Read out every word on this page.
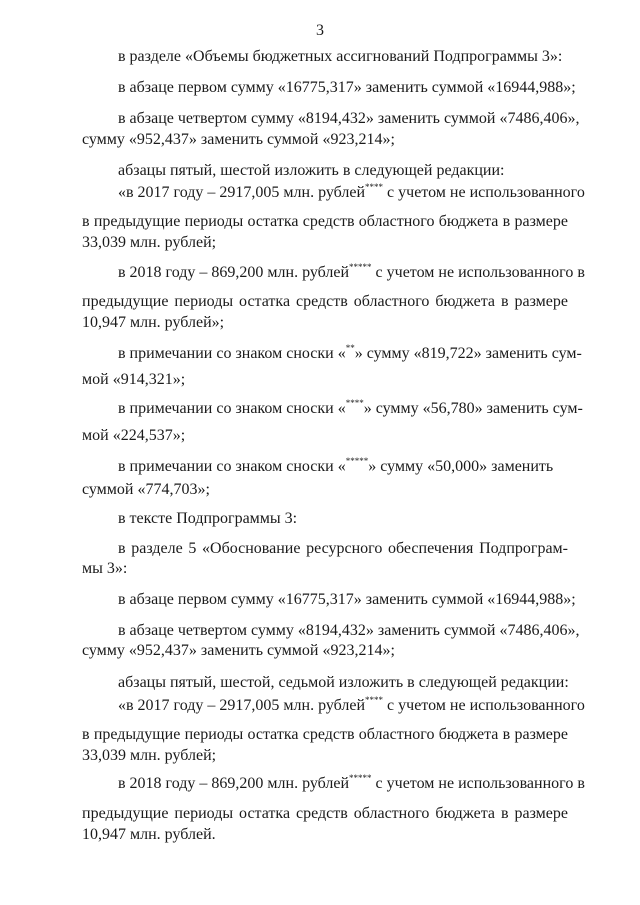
3
в разделе «Объемы бюджетных ассигнований Подпрограммы 3»:
в абзаце первом сумму «16775,317» заменить суммой «16944,988»;
в абзаце четвертом сумму «8194,432» заменить суммой «7486,406»,
сумму «952,437» заменить суммой «923,214»;
абзацы пятый, шестой изложить в следующей редакции:
«в 2017 году – 2917,005 млн. рублей**** с учетом не использованного
в предыдущие периоды остатка средств областного бюджета в размере
33,039 млн. рублей;
в 2018 году – 869,200 млн. рублей***** с учетом не использованного в
предыдущие периоды остатка средств областного бюджета в размере
10,947 млн. рублей»;
в примечании со знаком сноски «**» сумму «819,722» заменить сум-
мой «914,321»;
в примечании со знаком сноски «****» сумму «56,780» заменить сум-
мой «224,537»;
в примечании со знаком сноски «*****» сумму «50,000» заменить
суммой «774,703»;
в тексте Подпрограммы 3:
в разделе 5 «Обоснование ресурсного обеспечения Подпрограм-
мы 3»:
в абзаце первом сумму «16775,317» заменить суммой «16944,988»;
в абзаце четвертом сумму «8194,432» заменить суммой «7486,406»,
сумму «952,437» заменить суммой «923,214»;
абзацы пятый, шестой, седьмой изложить в следующей редакции:
«в 2017 году – 2917,005 млн. рублей**** с учетом не использованного
в предыдущие периоды остатка средств областного бюджета в размере
33,039 млн. рублей;
в 2018 году – 869,200 млн. рублей***** с учетом не использованного в
предыдущие периоды остатка средств областного бюджета в размере
10,947 млн. рублей.
